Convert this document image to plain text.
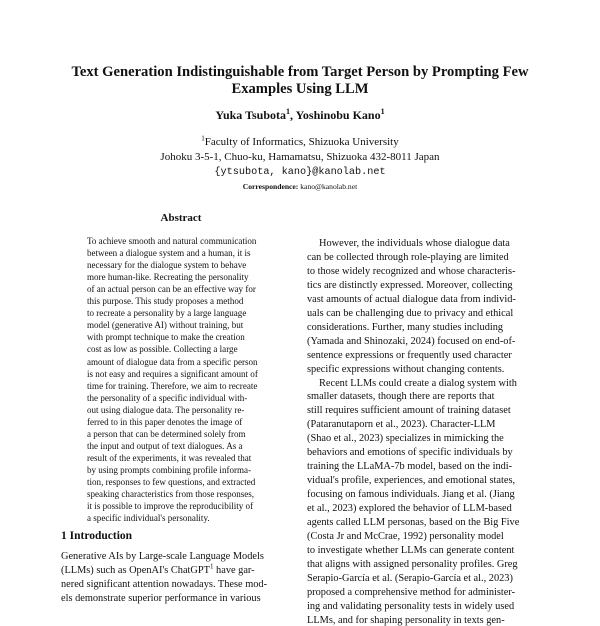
Text Generation Indistinguishable from Target Person by Prompting Few
Examples Using LLM
Yuka Tsubota$^1$, Yoshinobu Kano$^1$
$^1$Faculty of Informatics, Shizuoka University
Johoku 3-5-1, Chuo-ku, Hamamatsu, Shizuoka 432-8011 Japan
{ytsubota, kano}@kanolab.net
Correspondence: kano@kanolab.net
Abstract
To achieve smooth and natural communication
between a dialogue system and a human, it is
necessary for the dialogue system to behave
more human-like. Recreating the personality
of an actual person can be an effective way for
this purpose. This study proposes a method
to recreate a personality by a large language
model (generative AI) without training, but
with prompt technique to make the creation
cost as low as possible. Collecting a large
amount of dialogue data from a specific person
is not easy and requires a significant amount of
time for training. Therefore, we aim to recreate
the personality of a specific individual with-
out using dialogue data. The personality re-
ferred to in this paper denotes the image of
a person that can be determined solely from
the input and output of text dialogues. As a
result of the experiments, it was revealed that
by using prompts combining profile informa-
tion, responses to few questions, and extracted
speaking characteristics from those responses,
it is possible to improve the reproducibility of
a specific individual's personality.
1 Introduction
Generative AIs by Large-scale Language Models
(LLMs) such as OpenAI's ChatGPT$^1$ have gar-
nered significant attention nowadays. These mod-
els demonstrate superior performance in various
However, the individuals whose dialogue data
can be collected through role-playing are limited
to those widely recognized and whose characteris-
tics are distinctly expressed. Moreover, collecting
vast amounts of actual dialogue data from individ-
uals can be challenging due to privacy and ethical
considerations. Further, many studies including
(Yamada and Shinozaki, 2024) focused on end-of-
sentence expressions or frequently used character
specific expressions without changing contents.
Recent LLMs could create a dialog system with
smaller datasets, though there are reports that
still requires sufficient amount of training dataset
(Pataranutaporn et al., 2023). Character-LLM
(Shao et al., 2023) specializes in mimicking the
behaviors and emotions of specific individuals by
training the LLaMA-7b model, based on the indi-
vidual's profile, experiences, and emotional states,
focusing on famous individuals. Jiang et al. (Jiang
et al., 2023) explored the behavior of LLM-based
agents called LLM personas, based on the Big Five
(Costa Jr and McCrae, 1992) personality model
to investigate whether LLMs can generate content
that aligns with assigned personality profiles. Greg
Serapio-García et al. (Serapio-García et al., 2023)
proposed a comprehensive method for administer-
ing and validating personality tests in widely used
LLMs, and for shaping personality in texts gen-
